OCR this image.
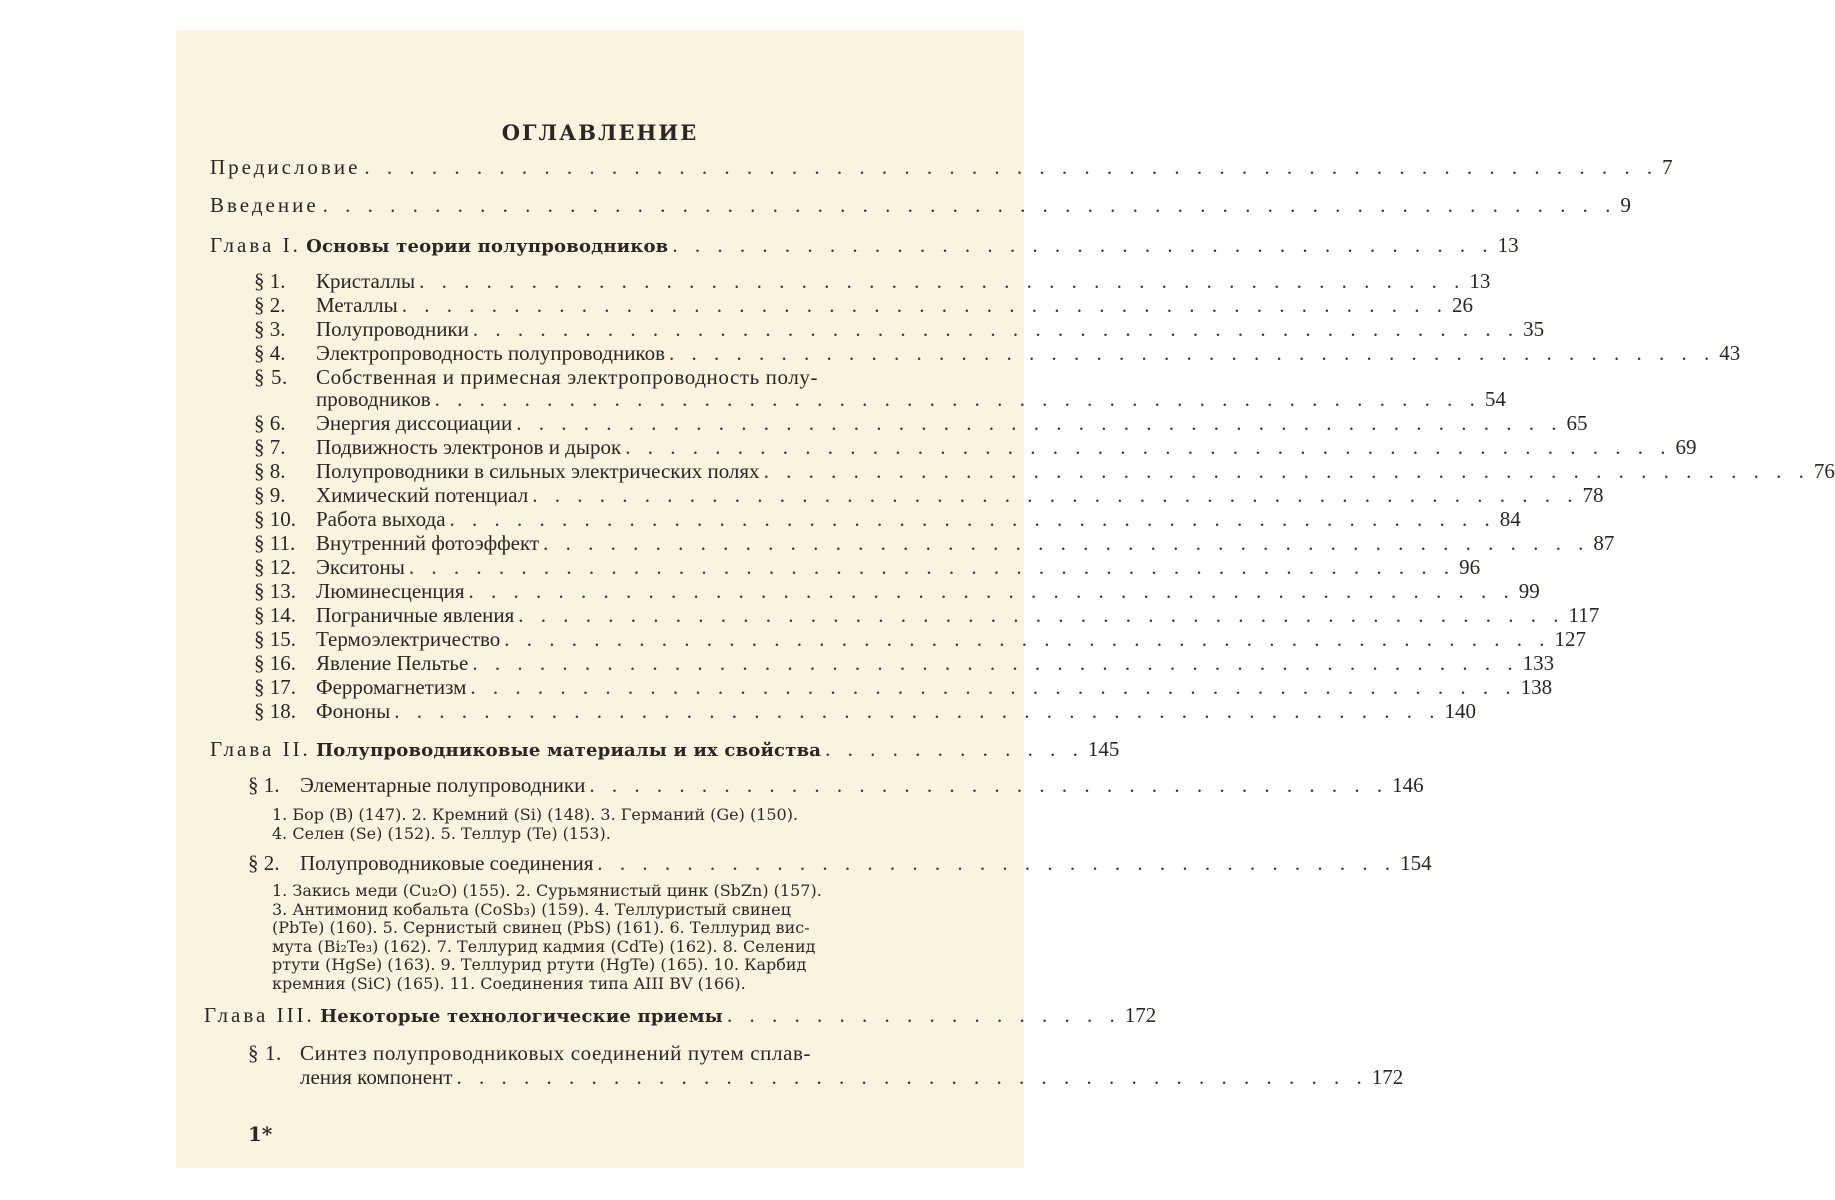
ОГЛАВЛЕНИЕ
Предисловие . . . . . . . . . . . . . . . . . . . . . . . . . . . . . . . . . . . . . . . . . . . . . . . . . . . . . . . . . . 7
Введение . . . . . . . . . . . . . . . . . . . . . . . . . . . . . . . . . . . . . . . . . . . . . . . . . . . . . . . . . . 9
Глава I. Основы теории полупроводников . . . . . . . . . . . . . . . . . . . . . . . . . . . . . . . . . . . . . 13
§ 1. Кристаллы . . . . . . . . . . . . . . . . . . . . . . . . . . . . . . . . . . . . . . . . . . . . . . . 13
§ 2. Металлы . . . . . . . . . . . . . . . . . . . . . . . . . . . . . . . . . . . . . . . . . . . . . . . 26
§ 3. Полупроводники . . . . . . . . . . . . . . . . . . . . . . . . . . . . . . . . . . . . . . . . . . . . . . . 35
§ 4. Электропроводность полупроводников . . . . . . . . . . . . . . . . . . . . . . . . . . . . . . . . . . . . . . . . . . . . . . . 43
§ 5. Собственная и примесная электропроводность полу-
проводников . . . . . . . . . . . . . . . . . . . . . . . . . . . . . . . . . . . . . . . . . . . . . . . 54
§ 6. Энергия диссоциации . . . . . . . . . . . . . . . . . . . . . . . . . . . . . . . . . . . . . . . . . . . . . . . 65
§ 7. Подвижность электронов и дырок . . . . . . . . . . . . . . . . . . . . . . . . . . . . . . . . . . . . . . . . . . . . . . . 69
§ 8. Полупроводники в сильных электрических полях . . . . . . . . . . . . . . . . . . . . . . . . . . . . . . . . . . . . . . . . . . . . . . . 76
§ 9. Химический потенциал . . . . . . . . . . . . . . . . . . . . . . . . . . . . . . . . . . . . . . . . . . . . . . . 78
§ 10. Работа выхода . . . . . . . . . . . . . . . . . . . . . . . . . . . . . . . . . . . . . . . . . . . . . . . 84
§ 11. Внутренний фотоэффект . . . . . . . . . . . . . . . . . . . . . . . . . . . . . . . . . . . . . . . . . . . . . . . 87
§ 12. Экситоны . . . . . . . . . . . . . . . . . . . . . . . . . . . . . . . . . . . . . . . . . . . . . . . 96
§ 13. Люминесценция . . . . . . . . . . . . . . . . . . . . . . . . . . . . . . . . . . . . . . . . . . . . . . . 99
§ 14. Пограничные явления . . . . . . . . . . . . . . . . . . . . . . . . . . . . . . . . . . . . . . . . . . . . . . . 117
§ 15. Термоэлектричество . . . . . . . . . . . . . . . . . . . . . . . . . . . . . . . . . . . . . . . . . . . . . . . 127
§ 16. Явление Пельтье . . . . . . . . . . . . . . . . . . . . . . . . . . . . . . . . . . . . . . . . . . . . . . . 133
§ 17. Ферромагнетизм . . . . . . . . . . . . . . . . . . . . . . . . . . . . . . . . . . . . . . . . . . . . . . . 138
§ 18. Фононы . . . . . . . . . . . . . . . . . . . . . . . . . . . . . . . . . . . . . . . . . . . . . . . 140
Глава II. Полупроводниковые материалы и их свойства . . . . . . . . . . . . 145
§ 1. Элементарные полупроводники . . . . . . . . . . . . . . . . . . . . . . . . . . . . . . . . . . . . 146
1. Бор (B) (147). 2. Кремний (Si) (148). 3. Германий (Ge) (150).
4. Селен (Se) (152). 5. Теллур (Te) (153).
§ 2. Полупроводниковые соединения . . . . . . . . . . . . . . . . . . . . . . . . . . . . . . . . . . . . 154
1. Закись меди (Cu₂O) (155). 2. Сурьмянистый цинк (SbZn) (157).
3. Антимонид кобальта (CoSb₃) (159). 4. Теллуристый свинец
(PbTe) (160). 5. Сернистый свинец (PbS) (161). 6. Теллурид вис-
мута (Bi₂Te₃) (162). 7. Теллурид кадмия (CdTe) (162). 8. Селенид
ртути (HgSe) (163). 9. Теллурид ртути (HgTe) (165). 10. Карбид
кремния (SiC) (165). 11. Соединения типа AIII BV (166).
Глава III. Некоторые технологические приемы . . . . . . . . . . . . . . . . . . 172
§ 1. Синтез полупроводниковых соединений путем сплав-
ления компонент . . . . . . . . . . . . . . . . . . . . . . . . . . . . . . . . . . . . . . . . . 172
1*
